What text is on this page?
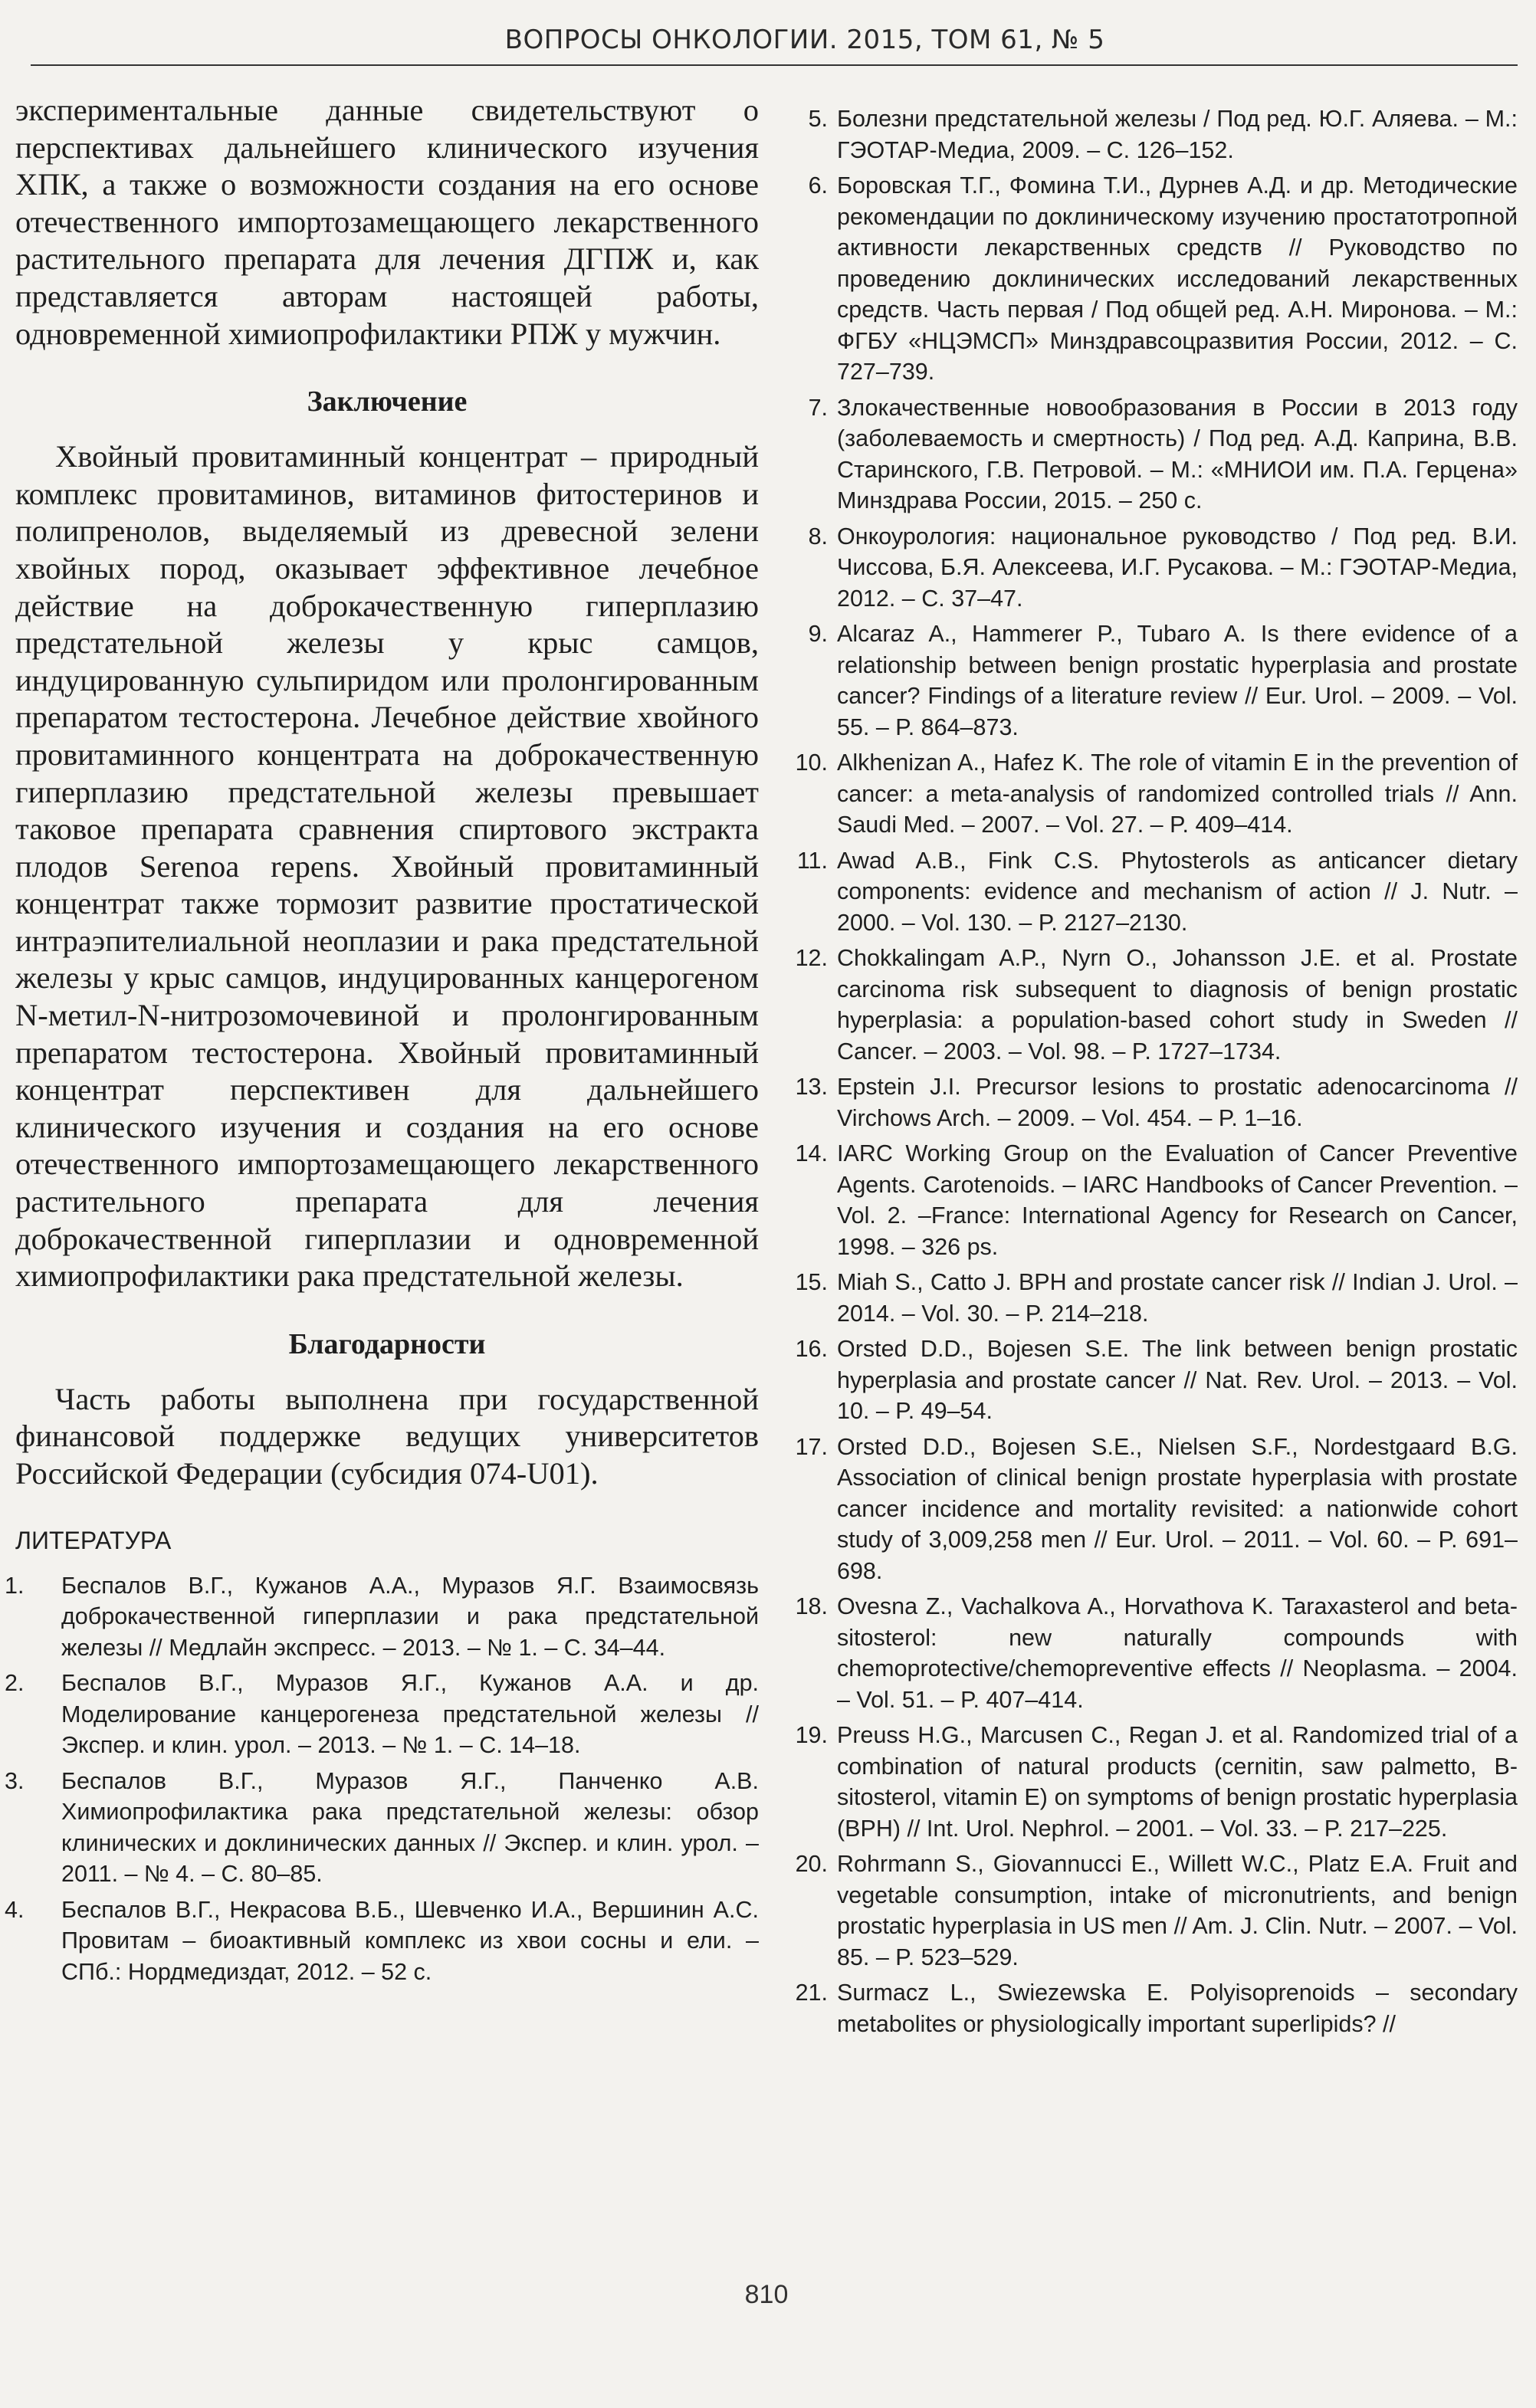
ВОПРОСЫ ОНКОЛОГИИ. 2015, ТОМ 61, № 5

экспериментальные данные свидетельствуют о перспективах дальнейшего клинического изучения ХПК, а также о возможности создания на его основе отечественного импортозамещающего лекарственного растительного препарата для лечения ДГПЖ и, как представляется авторам настоящей работы, одновременной химиопрофилактики РПЖ у мужчин.

Заключение

Хвойный провитаминный концентрат – природный комплекс провитаминов, витаминов фитостеринов и полипренолов, выделяемый из древесной зелени хвойных пород, оказывает эффективное лечебное действие на доброкачественную гиперплазию предстательной железы у крыс самцов, индуцированную сульпиридом или пролонгированным препаратом тестостерона. Лечебное действие хвойного провитаминного концентрата на доброкачественную гиперплазию предстательной железы превышает таковое препарата сравнения спиртового экстракта плодов Serenoa repens. Хвойный провитаминный концентрат также тормозит развитие простатической интраэпителиальной неоплазии и рака предстательной железы у крыс самцов, индуцированных канцерогеном N-метил-N-нитрозомочевиной и пролонгированным препаратом тестостерона. Хвойный провитаминный концентрат перспективен для дальнейшего клинического изучения и создания на его основе отечественного импортозамещающего лекарственного растительного препарата для лечения доброкачественной гиперплазии и одновременной химиопрофилактики рака предстательной железы.

Благодарности

Часть работы выполнена при государственной финансовой поддержке ведущих университетов Российской Федерации (субсидия 074-U01).

ЛИТЕРАТУРА
1.	Беспалов В.Г., Кужанов А.А., Муразов Я.Г. Взаимосвязь доброкачественной гиперплазии и рака предстательной железы // Медлайн экспресс. – 2013. – № 1. – С. 34–44.
2.	Беспалов В.Г., Муразов Я.Г., Кужанов А.А. и др. Моделирование канцерогенеза предстательной железы // Экспер. и клин. урол. – 2013. – № 1. – С. 14–18.
3.	Беспалов В.Г., Муразов Я.Г., Панченко А.В. Химиопрофилактика рака предстательной железы: обзор клинических и доклинических данных // Экспер. и клин. урол. – 2011. – № 4. – С. 80–85.
4.	Беспалов В.Г., Некрасова В.Б., Шевченко И.А., Вершинин А.С. Провитам – биоактивный комплекс из хвои сосны и ели. – СПб.: Нордмедиздат, 2012. – 52 с.
5. Болезни предстательной железы / Под ред. Ю.Г. Аляева. – М.: ГЭОТАР-Медиа, 2009. – С. 126–152.
6. Боровская Т.Г., Фомина Т.И., Дурнев А.Д. и др. Методические рекомендации по доклиническому изучению простатотропной активности лекарственных средств // Руководство по проведению доклинических исследований лекарственных средств. Часть первая / Под общей ред. А.Н. Миронова. – М.: ФГБУ «НЦЭМСП» Минздравсоцразвития России, 2012. – С. 727–739.
7. Злокачественные новообразования в России в 2013 году (заболеваемость и смертность) / Под ред. А.Д. Каприна, В.В. Старинского, Г.В. Петровой. – М.: «МНИОИ им. П.А. Герцена» Минздрава России, 2015. – 250 с.
8. Онкоурология: национальное руководство / Под ред. В.И. Чиссова, Б.Я. Алексеева, И.Г. Русакова. – М.: ГЭОТАР-Медиа, 2012. – С. 37–47.
9. Alcaraz A., Hammerer P., Tubaro A. Is there evidence of a relationship between benign prostatic hyperplasia and prostate cancer? Findings of a literature review // Eur. Urol. – 2009. – Vol. 55. – P. 864–873.
10. Alkhenizan A., Hafez K. The role of vitamin E in the prevention of cancer: a meta-analysis of randomized controlled trials // Ann. Saudi Med. – 2007. – Vol. 27. – P. 409–414.
11. Awad A.B., Fink C.S. Phytosterols as anticancer dietary components: evidence and mechanism of action // J. Nutr. – 2000. – Vol. 130. – P. 2127–2130.
12. Chokkalingam A.P., Nyrn O., Johansson J.E. et al. Prostate carcinoma risk subsequent to diagnosis of benign prostatic hyperplasia: a population-based cohort study in Sweden // Cancer. – 2003. – Vol. 98. – P. 1727–1734.
13. Epstein J.I. Precursor lesions to prostatic adenocarcinoma // Virchows Arch. – 2009. – Vol. 454. – P. 1–16.
14. IARC Working Group on the Evaluation of Cancer Preventive Agents. Carotenoids. – IARC Handbooks of Cancer Prevention. – Vol. 2. –France: International Agency for Research on Cancer, 1998. – 326 ps.
15. Miah S., Catto J. BPH and prostate cancer risk // Indian J. Urol. – 2014. – Vol. 30. – P. 214–218.
16. Orsted D.D., Bojesen S.E. The link between benign prostatic hyperplasia and prostate cancer // Nat. Rev. Urol. – 2013. – Vol. 10. – P. 49–54.
17. Orsted D.D., Bojesen S.E., Nielsen S.F., Nordestgaard B.G. Association of clinical benign prostate hyperplasia with prostate cancer incidence and mortality revisited: a nationwide cohort study of 3,009,258 men // Eur. Urol. – 2011. – Vol. 60. – P. 691–698.
18. Ovesna Z., Vachalkova A., Horvathova K. Taraxasterol and beta-sitosterol: new naturally compounds with chemoprotective/chemopreventive effects // Neoplasma. – 2004. – Vol. 51. – P. 407–414.
19. Preuss H.G., Marcusen C., Regan J. et al. Randomized trial of a combination of natural products (cernitin, saw palmetto, B-sitosterol, vitamin E) on symptoms of benign prostatic hyperplasia (BPH) // Int. Urol. Nephrol. – 2001. – Vol. 33. – P. 217–225.
20. Rohrmann S., Giovannucci E., Willett W.C., Platz E.A. Fruit and vegetable consumption, intake of micronutrients, and benign prostatic hyperplasia in US men // Am. J. Clin. Nutr. – 2007. – Vol. 85. – P. 523–529.
21. Surmacz L., Swiezewska E. Polyisoprenoids – secondary metabolites or physiologically important superlipids? //
810
